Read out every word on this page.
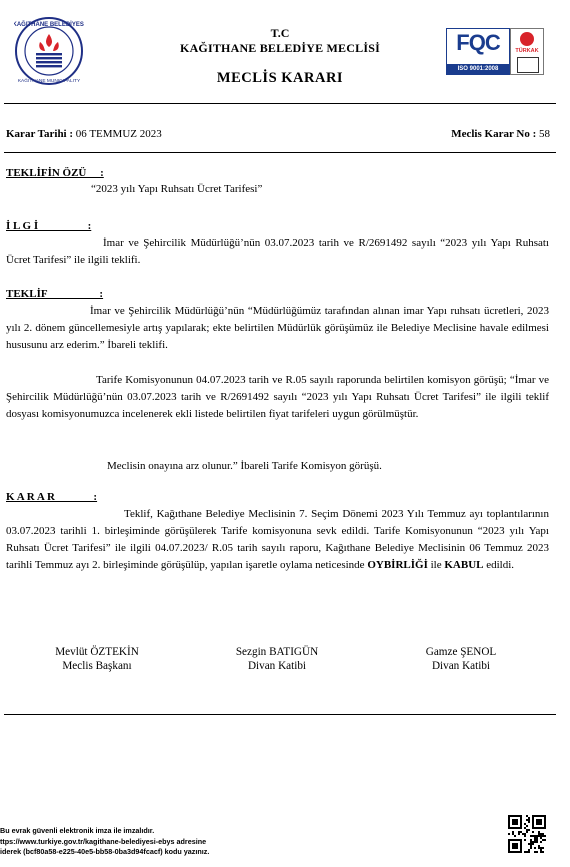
KAĞITHANE BELEDİYESİ
KAĞITHANE MUNICIPALITY
T.C
KAĞITHANE BELEDİYE MECLİSİ
MECLİS KARARI
FQC
ISO 9001:2008
TÜRKAK
Karar Tarihi : 06 TEMMUZ 2023	Meclis Karar No : 58
TEKLİFİN ÖZÜ     :
“2023 yılı Yapı Ruhsatı Ücret Tarifesi”
İ L G İ                  :
İmar ve Şehircilik Müdürlüğü’nün 03.07.2023 tarih ve R/2691492 sayılı “2023 yılı Yapı Ruhsatı Ücret Tarifesi” ile ilgili teklifi.
TEKLİF                   :
İmar ve Şehircilik Müdürlüğü’nün “Müdürlüğümüz tarafından alınan imar Yapı ruhsatı ücretleri, 2023 yılı 2. dönem güncellemesiyle artış yapılarak; ekte belirtilen Müdürlük görüşümüz ile Belediye Meclisine havale edilmesi hususunu arz ederim.” İbareli teklifi.
Tarife Komisyonunun 04.07.2023 tarih ve R.05 sayılı raporunda belirtilen komisyon görüşü; “İmar ve Şehircilik Müdürlüğü’nün 03.07.2023 tarih ve R/2691492 sayılı “2023 yılı Yapı Ruhsatı Ücret Tarifesi” ile ilgili teklif dosyası komisyonumuzca incelenerek ekli listede belirtilen fiyat tarifeleri uygun görülmüştür.
Meclisin onayına arz olunur.” İbareli Tarife Komisyon görüşü.
K A R A R              :
Teklif, Kağıthane Belediye Meclisinin 7. Seçim Dönemi 2023 Yılı Temmuz ayı toplantılarının 03.07.2023 tarihli 1. birleşiminde görüşülerek Tarife komisyonuna sevk edildi. Tarife Komisyonunun “2023 yılı Yapı Ruhsatı Ücret Tarifesi” ile ilgili 04.07.2023/ R.05 tarih sayılı raporu, Kağıthane Belediye Meclisinin 06 Temmuz 2023 tarihli Temmuz ayı 2. birleşiminde görüşülüp, yapılan işaretle oylama neticesinde OYBİRLİĞİ ile KABUL edildi.
Mevlüt ÖZTEKİN
Meclis Başkanı
Sezgin BATIGÜN
Divan Katibi
Gamze ŞENOL
Divan Katibi
Bu evrak güvenli elektronik imza ile imzalıdır.
ttps://www.turkiye.gov.tr/kagithane-belediyesi-ebys adresine
iderek (bcf80a58-e225-40e5-bb58-0ba3d94fcacf) kodu yazınız.
